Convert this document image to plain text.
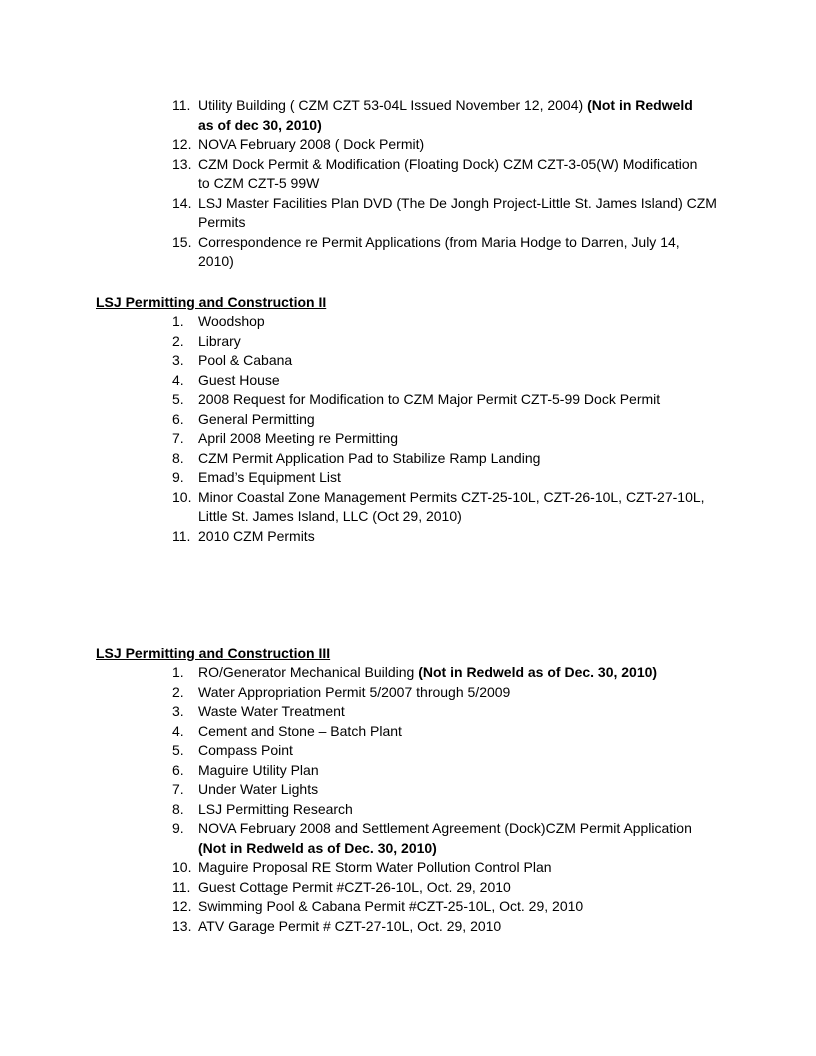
11. Utility Building ( CZM CZT 53-04L Issued November 12, 2004) (Not in Redweld
as of dec 30, 2010)
12. NOVA February 2008 ( Dock Permit)
13. CZM Dock Permit & Modification (Floating Dock) CZM CZT-3-05(W) Modification
to CZM CZT-5 99W
14. LSJ Master Facilities Plan DVD (The De Jongh Project-Little St. James Island) CZM
Permits
15. Correspondence re Permit Applications (from Maria Hodge to Darren, July 14,
2010)
LSJ Permitting and Construction II
1. Woodshop
2. Library
3. Pool & Cabana
4. Guest House
5. 2008 Request for Modification to CZM Major Permit CZT-5-99 Dock Permit
6. General Permitting
7. April 2008 Meeting re Permitting
8. CZM Permit Application Pad to Stabilize Ramp Landing
9. Emad’s Equipment List
10. Minor Coastal Zone Management Permits CZT-25-10L, CZT-26-10L, CZT-27-10L,
Little St. James Island, LLC (Oct 29, 2010)
11. 2010 CZM Permits
LSJ Permitting and Construction III
1. RO/Generator Mechanical Building (Not in Redweld as of Dec. 30, 2010)
2. Water Appropriation Permit 5/2007 through 5/2009
3. Waste Water Treatment
4. Cement and Stone – Batch Plant
5. Compass Point
6. Maguire Utility Plan
7. Under Water Lights
8. LSJ Permitting Research
9. NOVA February 2008 and Settlement Agreement (Dock)CZM Permit Application
(Not in Redweld as of Dec. 30, 2010)
10. Maguire Proposal RE Storm Water Pollution Control Plan
11. Guest Cottage Permit #CZT-26-10L, Oct. 29, 2010
12. Swimming Pool & Cabana Permit #CZT-25-10L, Oct. 29, 2010
13. ATV Garage Permit # CZT-27-10L, Oct. 29, 2010
